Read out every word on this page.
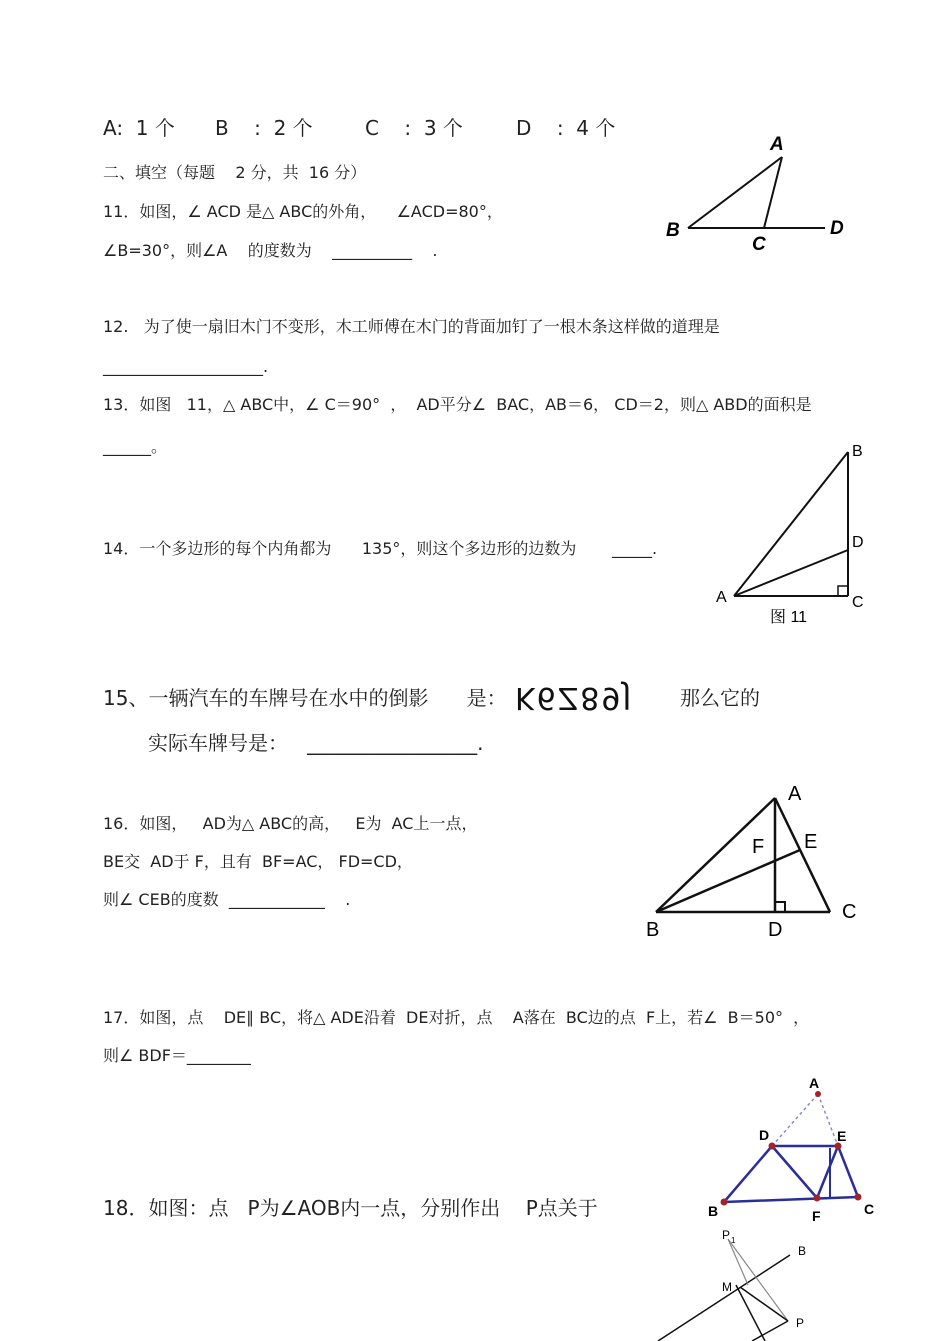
A:  1 个 B    :  2 个	C    :  3 个	D    :  4 个
二、填空（每题    2 分，共  16 分）
11．如图，∠ ACD 是△ ABC的外角，    ∠ACD=80°，
∠B=30°，则∠A    的度数为    __________    .
A
B
C
D
12.   为了使一扇旧木门不变形，木工师傅在木门的背面加钉了一根木条这样做的道理是
____________________.
13．如图   11，△ ABC中，∠ C＝90°  ，  AD平分∠  BAC，AB＝6， CD＝2，则△ ABD的面积是
______。	B
D
A	C
图 11
14．一个多边形的每个内角都为      135°，则这个多边形的边数为       _____.
15、一辆汽车的车牌号在水中的倒影      是： K6Z89J	那么它的
实际车牌号是：   _________________.
16．如图，   AD为△ ABC的高，   E为  AC上一点，
BE交  AD于 F，且有  BF=AC， FD=CD，
则∠ CEB的度数  ____________    .
A
F E
B	D
C
17．如图，点    DE∥ BC，将△ ADE沿着  DE对折，点    A落在  BC边的点  F上，若∠  B＝50°  ，
则∠ BDF＝________
A
D	E
B	F	C
18．如图：点   P为∠AOB内一点，分别作出    P点关于
P 1
B
M
P
